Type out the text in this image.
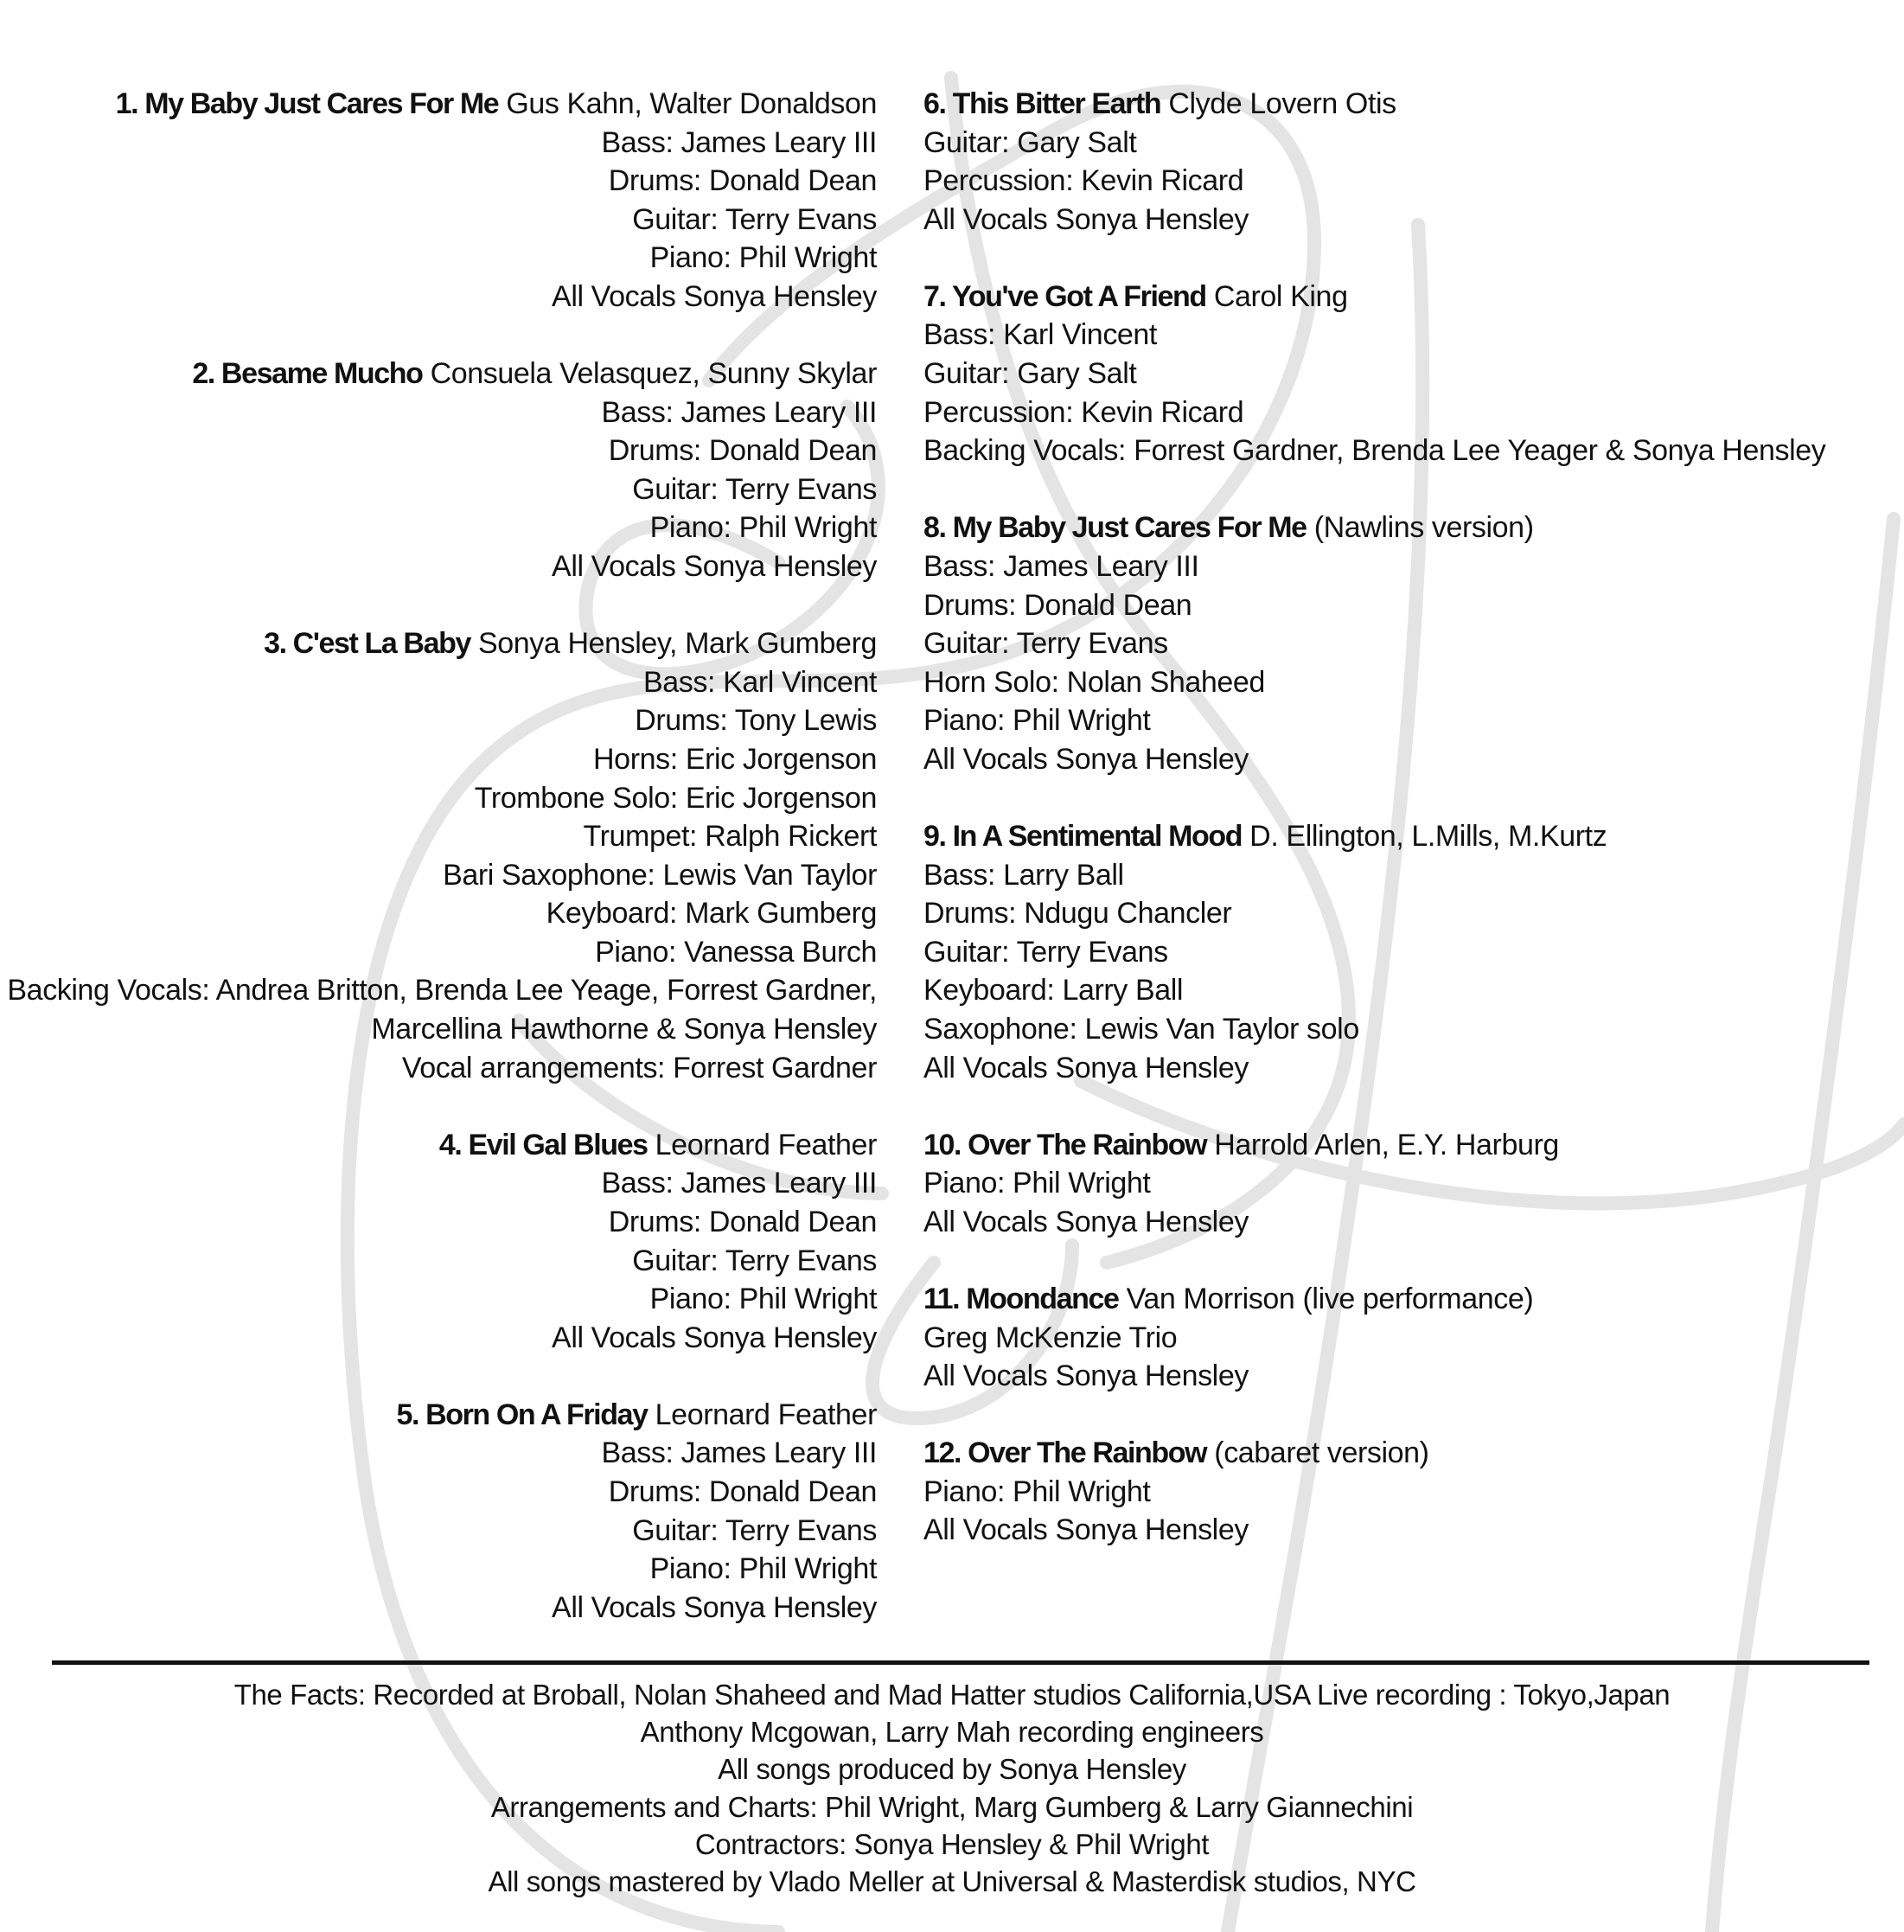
1. My Baby Just Cares For Me Gus Kahn, Walter Donaldson
Bass: James Leary III
Drums: Donald Dean
Guitar: Terry Evans
Piano: Phil Wright
All Vocals Sonya Hensley
2. Besame Mucho Consuela Velasquez, Sunny Skylar
Bass: James Leary III
Drums: Donald Dean
Guitar: Terry Evans
Piano: Phil Wright
All Vocals Sonya Hensley
3. C'est La Baby Sonya Hensley, Mark Gumberg
Bass: Karl Vincent
Drums: Tony Lewis
Horns: Eric Jorgenson
Trombone Solo: Eric Jorgenson
Trumpet: Ralph Rickert
Bari Saxophone: Lewis Van Taylor
Keyboard: Mark Gumberg
Piano: Vanessa Burch
Backing Vocals: Andrea Britton, Brenda Lee Yeage, Forrest Gardner,
Marcellina Hawthorne & Sonya Hensley
Vocal arrangements: Forrest Gardner
4. Evil Gal Blues Leornard Feather
Bass: James Leary III
Drums: Donald Dean
Guitar: Terry Evans
Piano: Phil Wright
All Vocals Sonya Hensley
5. Born On A Friday Leornard Feather
Bass: James Leary III
Drums: Donald Dean
Guitar: Terry Evans
Piano: Phil Wright
All Vocals Sonya Hensley
6. This Bitter Earth Clyde Lovern Otis
Guitar: Gary Salt
Percussion: Kevin Ricard
All Vocals Sonya Hensley
7. You've Got A Friend Carol King
Bass: Karl Vincent
Guitar: Gary Salt
Percussion: Kevin Ricard
Backing Vocals: Forrest Gardner, Brenda Lee Yeager & Sonya Hensley
8. My Baby Just Cares For Me (Nawlins version)
Bass: James Leary III
Drums: Donald Dean
Guitar: Terry Evans
Horn Solo: Nolan Shaheed
Piano: Phil Wright
All Vocals Sonya Hensley
9. In A Sentimental Mood D. Ellington, L.Mills, M.Kurtz
Bass: Larry Ball
Drums: Ndugu Chancler
Guitar: Terry Evans
Keyboard: Larry Ball
Saxophone: Lewis Van Taylor solo
All Vocals Sonya Hensley
10. Over The Rainbow Harrold Arlen, E.Y. Harburg
Piano: Phil Wright
All Vocals Sonya Hensley
11. Moondance Van Morrison (live performance)
Greg McKenzie Trio
All Vocals Sonya Hensley
12. Over The Rainbow (cabaret version)
Piano: Phil Wright
All Vocals Sonya Hensley
The Facts: Recorded at Broball, Nolan Shaheed and Mad Hatter studios California,USA Live recording : Tokyo,Japan
Anthony Mcgowan, Larry Mah recording engineers
All songs produced by Sonya Hensley
Arrangements and Charts: Phil Wright, Marg Gumberg & Larry Giannechini
Contractors: Sonya Hensley & Phil Wright
All songs mastered by Vlado Meller at Universal & Masterdisk studios, NYC
